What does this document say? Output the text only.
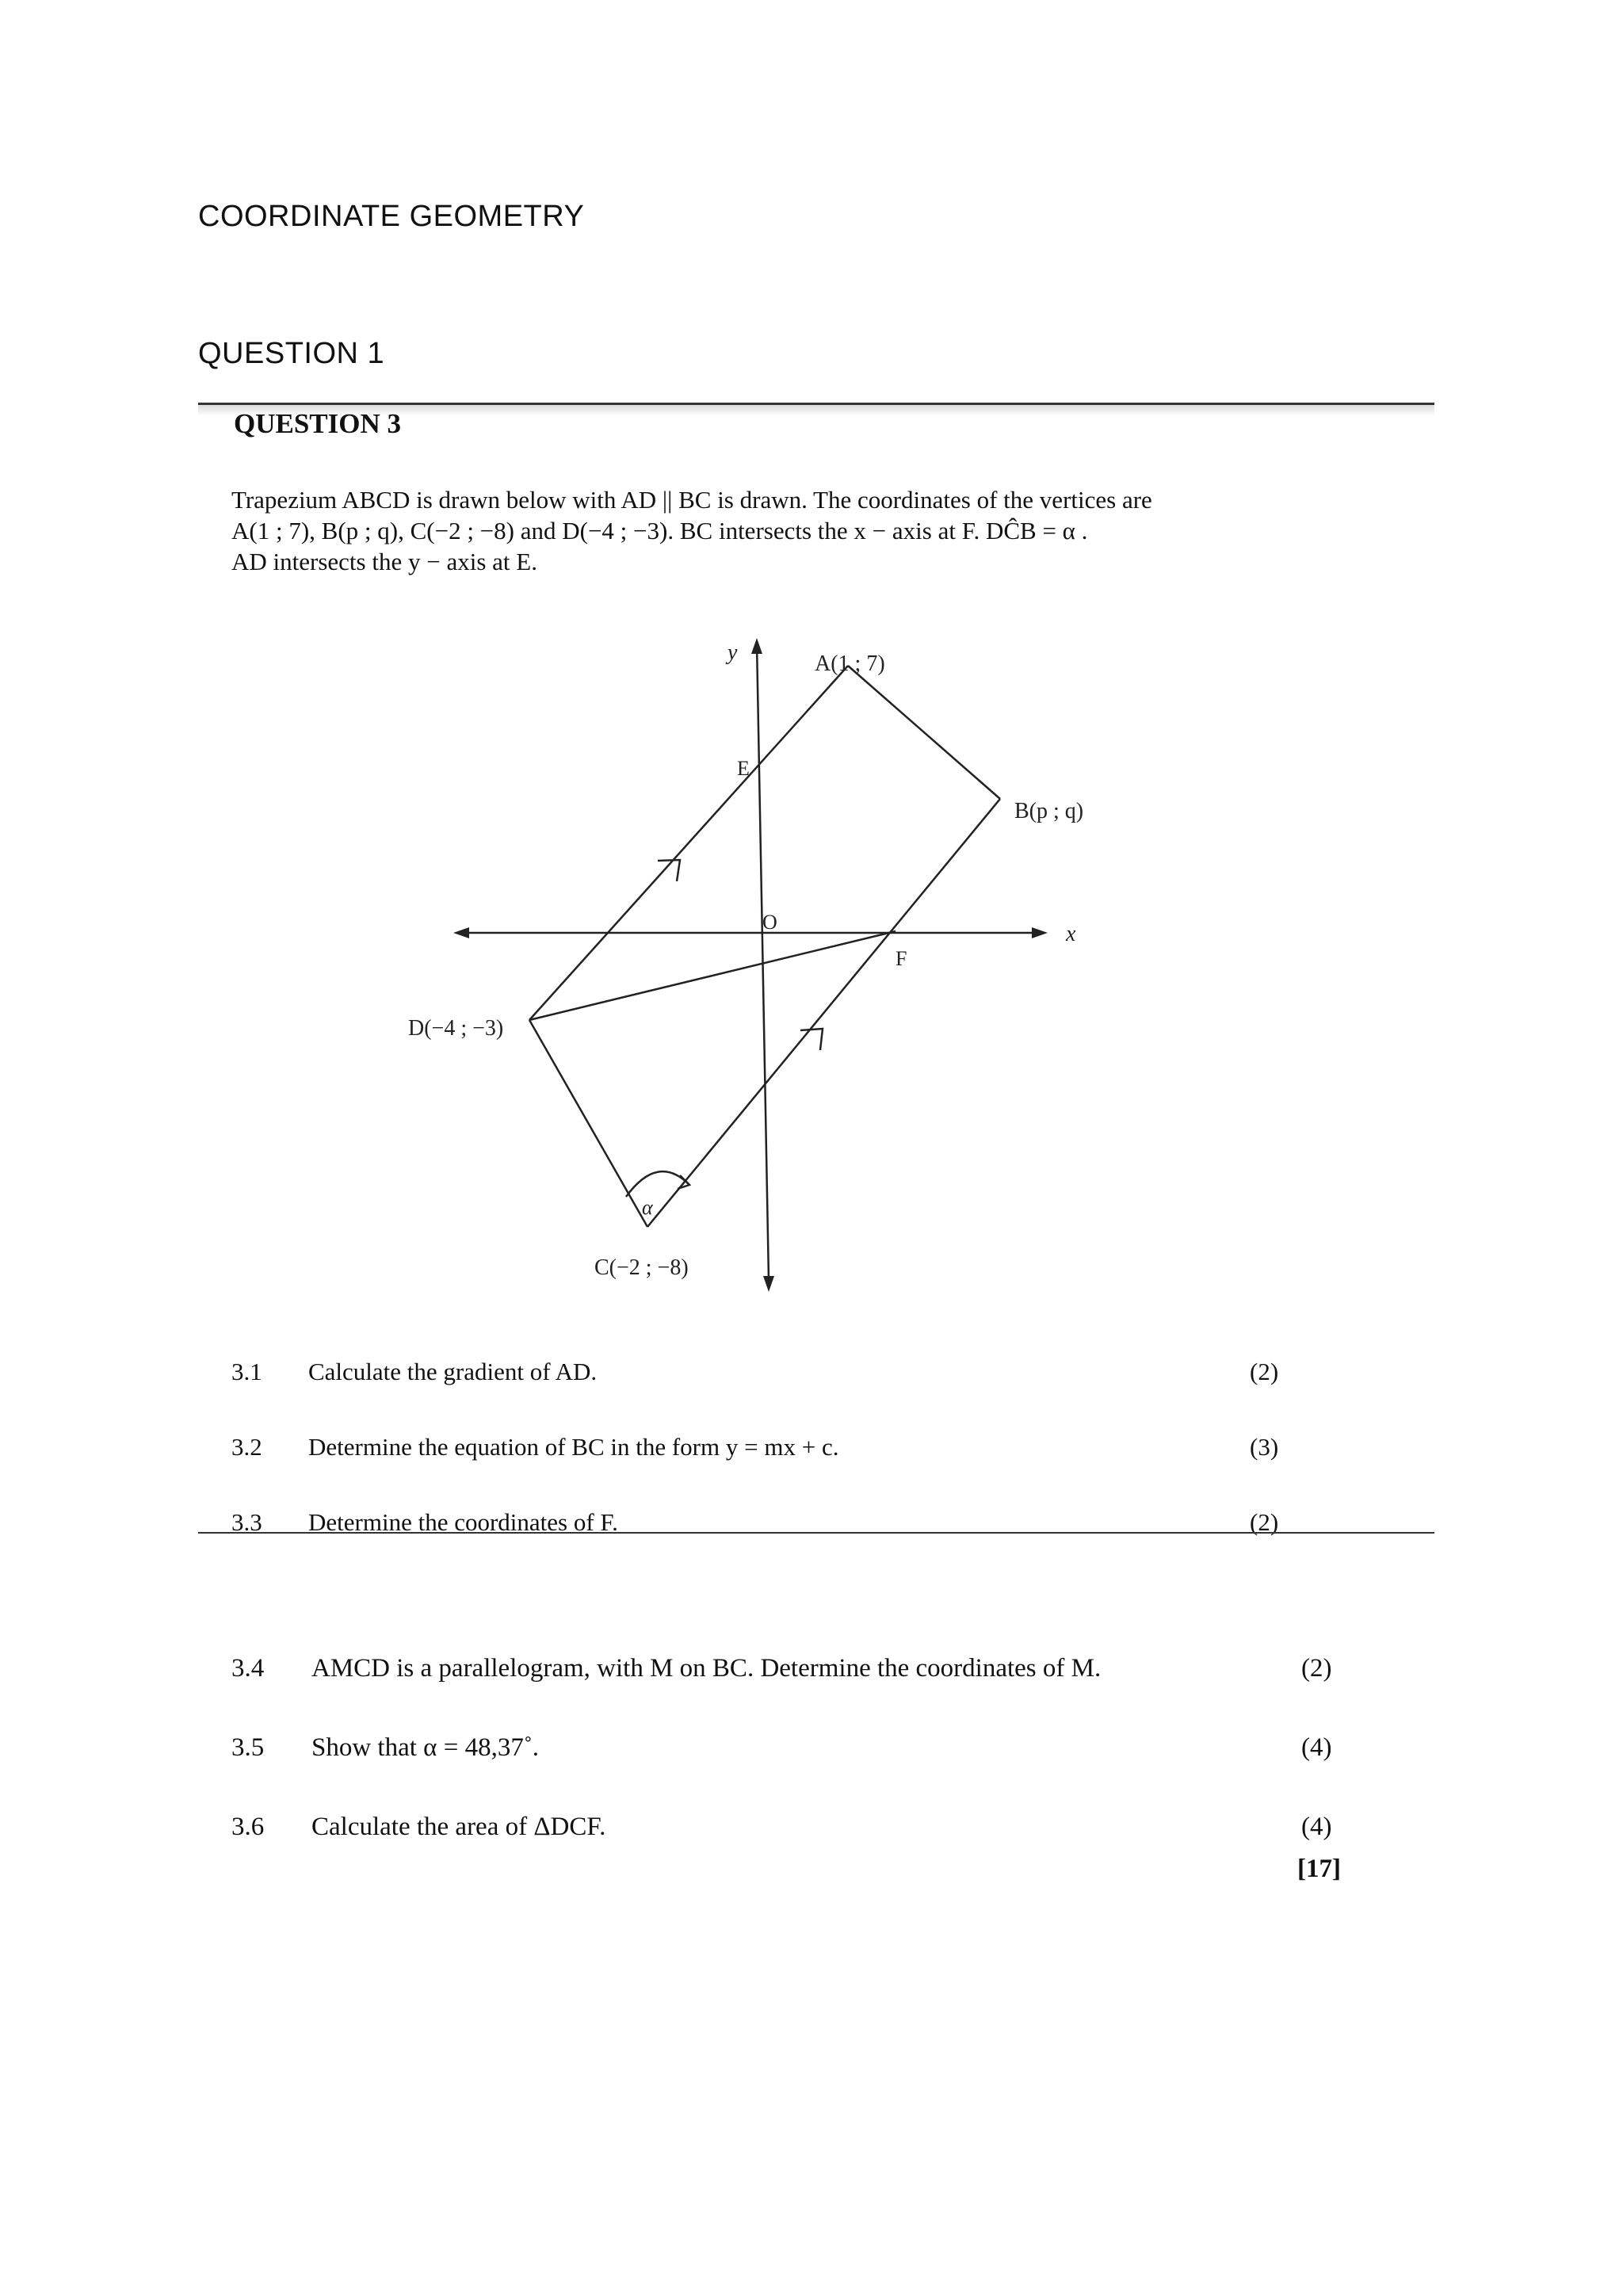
COORDINATE GEOMETRY
QUESTION 1
QUESTION 3
Trapezium ABCD is drawn below with AD || BC is drawn. The coordinates of the vertices are
A(1 ; 7), B(p ; q), C(−2 ; −8) and D(−4 ; −3). BC intersects the x − axis at F. DĈB = α .
AD intersects the y − axis at E.
y
x
O
A(1 ; 7)
B(p ; q)
C(−2 ; −8)
D(−4 ; −3)
E
F
α
3.1 Calculate the gradient of AD.	(2)
3.2 Determine the equation of BC in the form y = mx + c.	(3)
3.3 Determine the coordinates of F.	(2)
3.4 AMCD is a parallelogram, with M on BC. Determine the coordinates of M.	(2)
3.5 Show that α = 48,37˚.	(4)
3.6 Calculate the area of ΔDCF.	(4)
[17]
